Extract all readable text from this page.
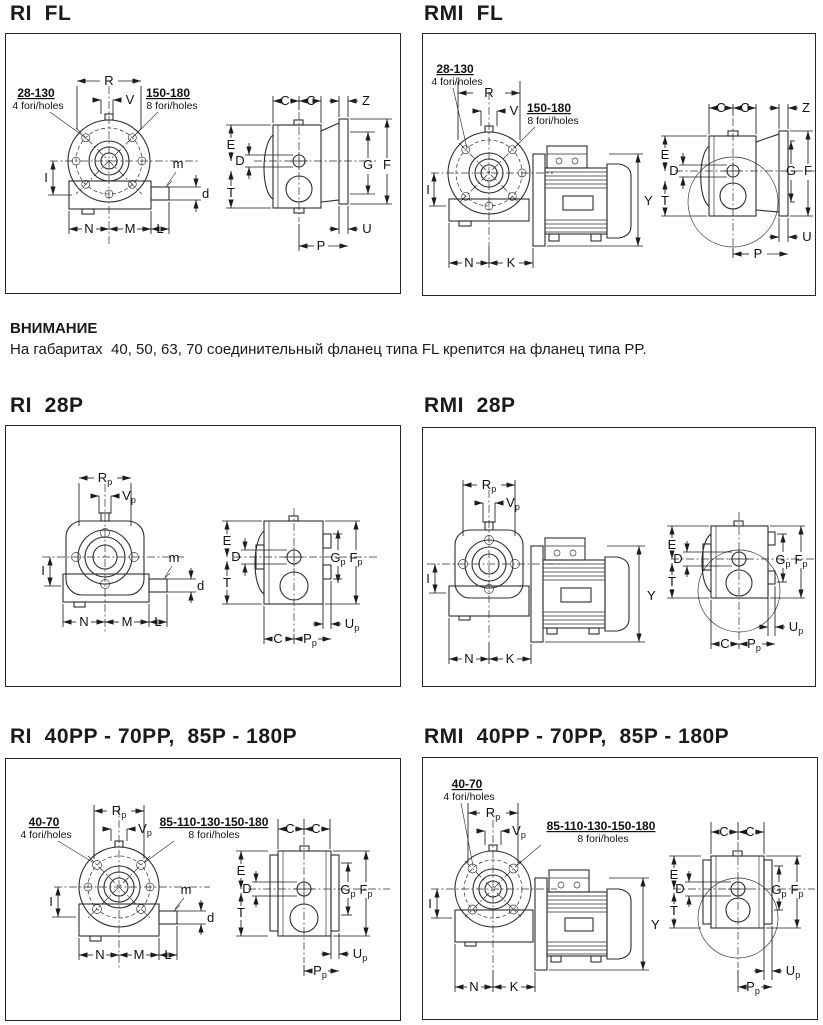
RI  FL
R
V
28-130
4 fori/holes
150-180
8 fori/holes
I
m
d
N M L
C C	Z
E
D
T
G F
U
P
RMI  FL
28-130
4 fori/holes
150-180
8 fori/holes
R
V
I
N	K
Y
C C	Z
E
D
T
G F
U
P

ВНИМАНИЕ

На габаритах  40, 50, 63, 70 соединительный фланец типа FL крепится на фланец типа PP.

RI  28P
$R_p$
$V_p$
I
m
d
N	M L
E
D
T
$G_p$ $F_p$
$U_p$
C $P_p$
RMI  28P
$R_p$
$V_p$
I
N K
Y
E
D
T
$G_p$ $F_p$
$U_p$
C $P_p$
RI  40PP - 70PP,  85P - 180P
$R_p$
$V_p$
40-70
4 fori/holes
85-110-130-150-180
8 fori/holes
I
m
d
N M L
C C
E
D
T
$G_p$ $F_p$
$U_p$
$P_p$
RMI  40PP - 70PP,  85P - 180P
40-70
4 fori/holes
85-110-130-150-180
8 fori/holes
$R_p$
$V_p$
I
N K
Y
C C
E
D
T
$G_p$ $F_p$
$U_p$
$P_p$
